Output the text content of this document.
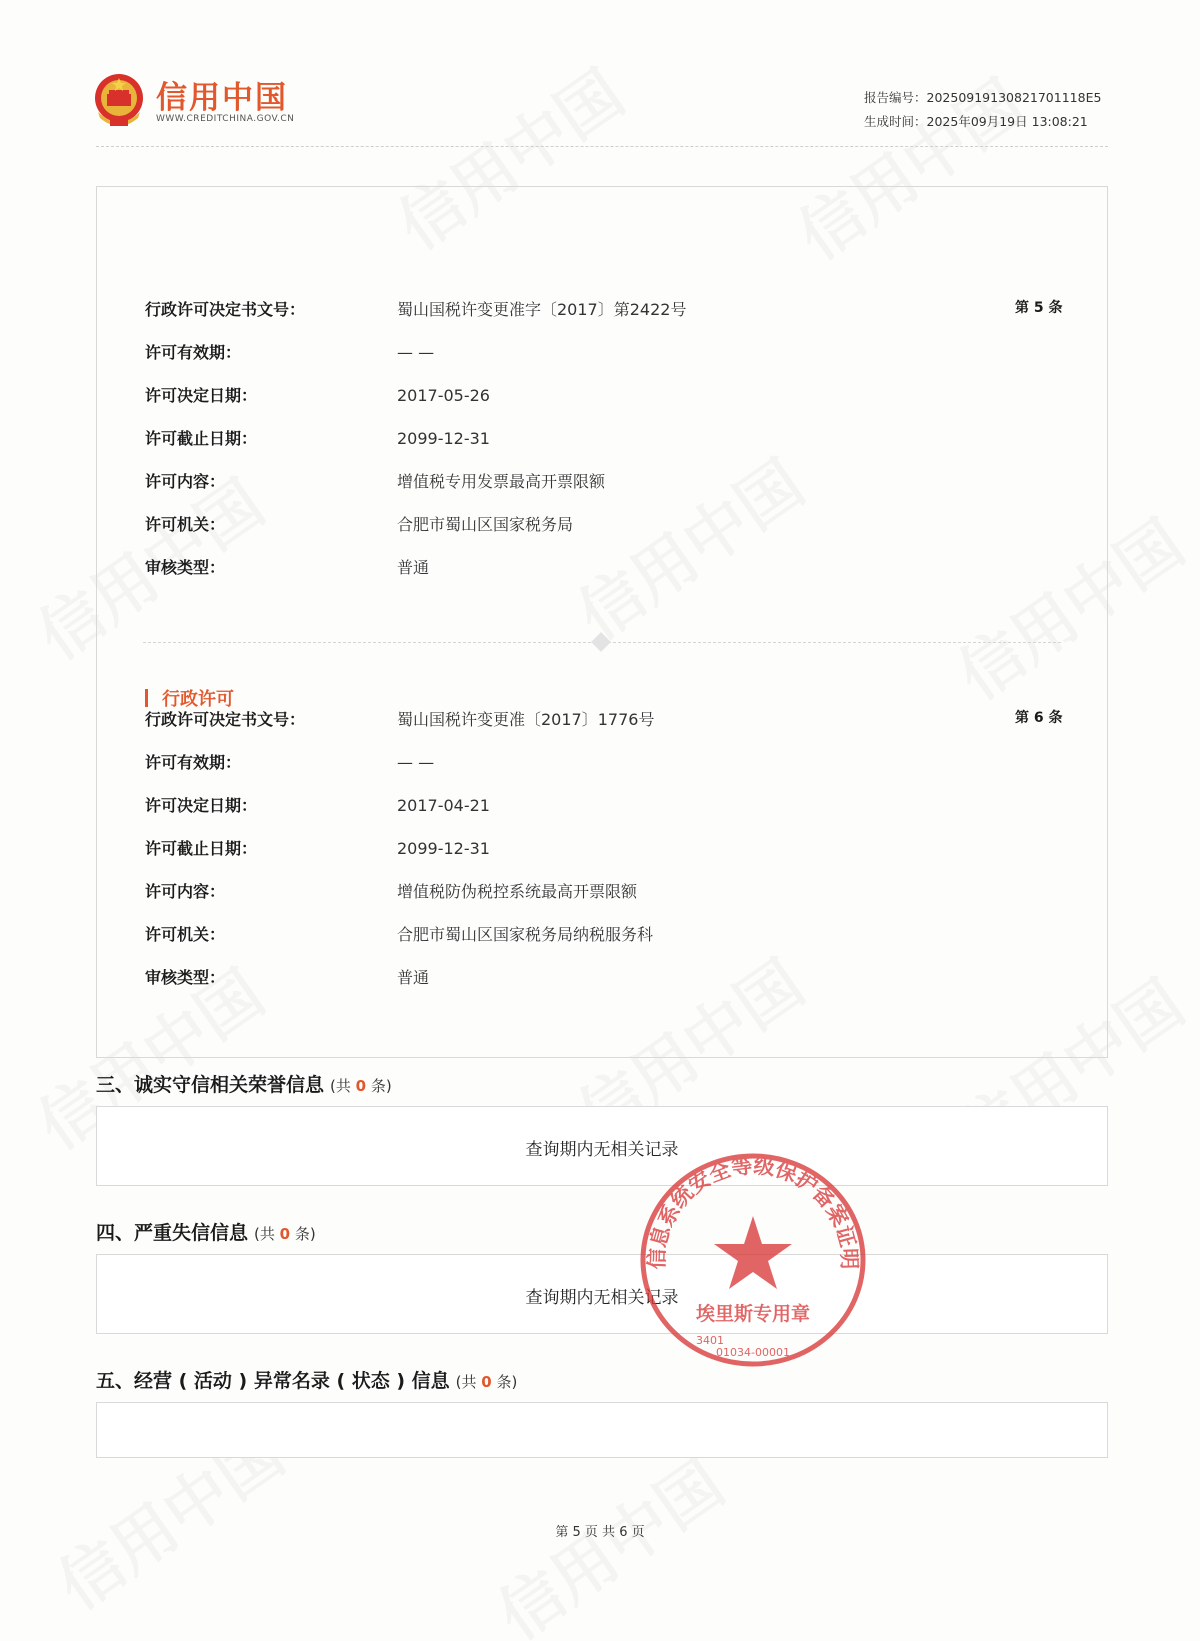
信用中国
WWW.CREDITCHINA.GOV.CN
报告编号：20250919130821701118E5
生成时间：2025年09月19日 13:08:21
第 5 条
行政许可决定书文号：	蜀山国税许变更准字〔2017〕第2422号
许可有效期：	— —
许可决定日期：	2017-05-26
许可截止日期：	2099-12-31
许可内容：	增值税专用发票最高开票限额
许可机关：	合肥市蜀山区国家税务局
审核类型：	普通
行政许可
第 6 条
行政许可决定书文号：	蜀山国税许变更准〔2017〕1776号
许可有效期：	— —
许可决定日期：	2017-04-21
许可截止日期：	2099-12-31
许可内容：	增值税防伪税控系统最高开票限额
许可机关：	合肥市蜀山区国家税务局纳税服务科
审核类型：	普通
三、诚实守信相关荣誉信息 (共 0 条)
查询期内无相关记录
四、严重失信信息 (共 0 条)
查询期内无相关记录
五、经营 ( 活动 ) 异常名录 ( 状态 ) 信息 (共 0 条)
信息系统安全等级保护备案证明
埃里斯专用章
3401
01034-00001
第 5 页 共 6 页
